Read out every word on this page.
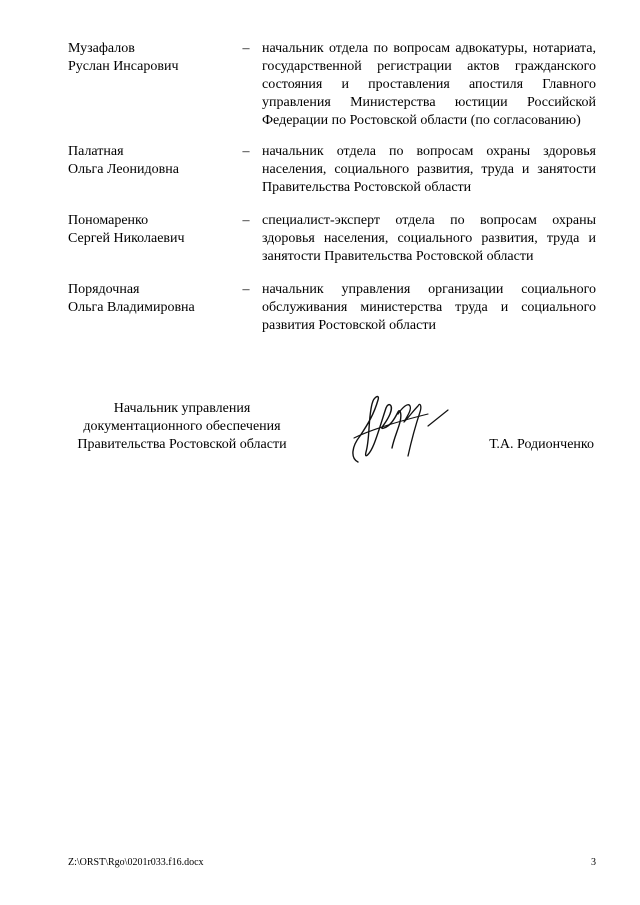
Музафалов
Руслан Инсарович
– начальник отдела по вопросам адвокатуры, нотариата, государственной регистрации актов гражданского состояния и проставления апостиля Главного управления Министерства юстиции Российской Федерации по Ростовской области (по согласованию)
Палатная
Ольга Леонидовна
– начальник отдела по вопросам охраны здоровья населения, социального развития, труда и занятости Правительства Ростовской области
Пономаренко
Сергей Николаевич
– специалист-эксперт отдела по вопросам охраны здоровья населения, социального развития, труда и занятости Правительства Ростовской области
Порядочная
Ольга Владимировна
– начальник управления организации социального обслуживания министерства труда и социального развития Ростовской области
Начальник управления
документационного обеспечения
Правительства Ростовской области	Т.А. Родионченко
Z:\ORST\Rgo\0201r033.f16.docx	3
